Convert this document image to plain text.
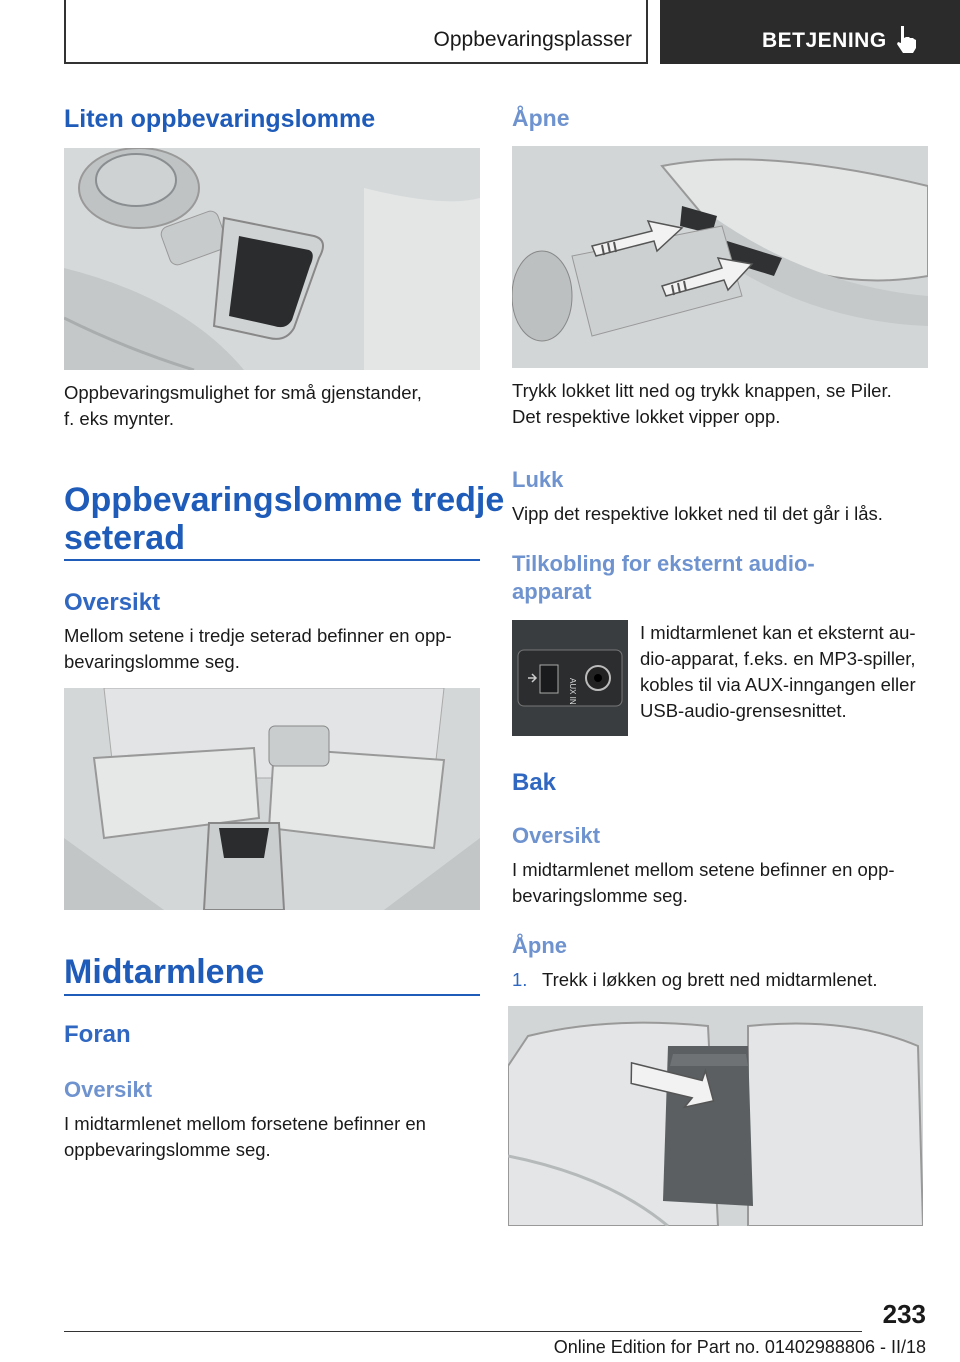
Oppbevaringsplasser	BETJENING
Liten oppbevaringslomme

Oppbevaringsmulighet for små gjenstander,

f. eks mynter.

Oppbevaringslomme tredje
seterad
Oversikt

Mellom setene i tredje seterad befinner en opp‐

bevaringslomme seg.

Midtarmlene
Foran
Oversikt

I midtarmlenet mellom forsetene befinner en

oppbevaringslomme seg.

Åpne

Trykk lokket litt ned og trykk knappen, se Piler.

Det respektive lokket vipper opp.

Lukk

Vipp det respektive lokket ned til det går i lås.

Tilkobling for eksternt audio‐
apparat
AUX IN

I midtarmlenet kan et eksternt au‐

dio-apparat, f.eks. en MP3-spiller,

kobles til via AUX-inngangen eller

USB-audio-grensesnittet.

Bak
Oversikt

I midtarmlenet mellom setene befinner en opp‐

bevaringslomme seg.

Åpne
1. Trekk i løkken og brett ned midtarmlenet.
233
Online Edition for Part no. 01402988806 - II/18
